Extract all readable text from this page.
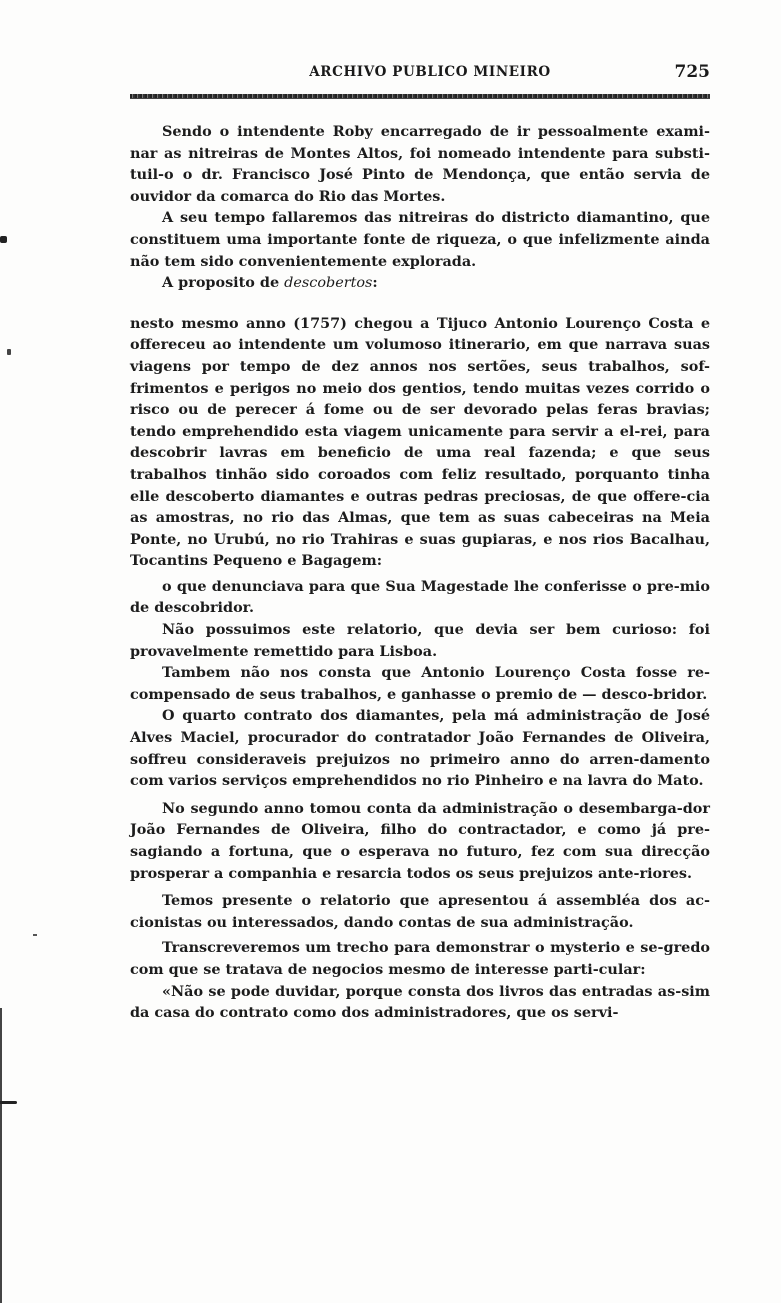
ARCHIVO PUBLICO MINEIRO	725

Sendo o intendente Roby encarregado de ir pessoalmente exami-nar as nitreiras de Montes Altos, foi nomeado intendente para substi-tuil-o o dr. Francisco José Pinto de Mendonça, que então servia de ouvidor da comarca do Rio das Mortes.

A seu tempo fallaremos das nitreiras do districto diamantino, que constituem uma importante fonte de riqueza, o que infelizmente ainda não tem sido convenientemente explorada.

A proposito de descobertos:

nesto mesmo anno (1757) chegou a Tijuco Antonio Lourenço Costa e offereceu ao intendente um volumoso itinerario, em que narrava suas viagens por tempo de dez annos nos sertões, seus trabalhos, sof-frimentos e perigos no meio dos gentios, tendo muitas vezes corrido o risco ou de perecer á fome ou de ser devorado pelas feras bravias; tendo emprehendido esta viagem unicamente para servir a el-rei, para descobrir lavras em beneficio de uma real fazenda; e que seus trabalhos tinhão sido coroados com feliz resultado, porquanto tinha elle descoberto diamantes e outras pedras preciosas, de que offere-cia as amostras, no rio das Almas, que tem as suas cabeceiras na Meia Ponte, no Urubú, no rio Trahiras e suas gupiaras, e nos rios Bacalhau, Tocantins Pequeno e Bagagem:

o que denunciava para que Sua Magestade lhe conferisse o pre-mio de descobridor.

Não possuimos este relatorio, que devia ser bem curioso: foi provavelmente remettido para Lisboa.

Tambem não nos consta que Antonio Lourenço Costa fosse re-compensado de seus trabalhos, e ganhasse o premio de — desco-bridor.

O quarto contrato dos diamantes, pela má administração de José Alves Maciel, procurador do contratador João Fernandes de Oliveira, soffreu consideraveis prejuizos no primeiro anno do arren-damento com varios serviços emprehendidos no rio Pinheiro e na lavra do Mato.

No segundo anno tomou conta da administração o desembarga-dor João Fernandes de Oliveira, filho do contractador, e como já pre-sagiando a fortuna, que o esperava no futuro, fez com sua direcção prosperar a companhia e resarcia todos os seus prejuizos ante-riores.

Temos presente o relatorio que apresentou á assembléa dos ac-cionistas ou interessados, dando contas de sua administração.

Transcreveremos um trecho para demonstrar o mysterio e se-gredo com que se tratava de negocios mesmo de interesse parti-cular:

«Não se pode duvidar, porque consta dos livros das entradas as-sim da casa do contrato como dos administradores, que os servi-
